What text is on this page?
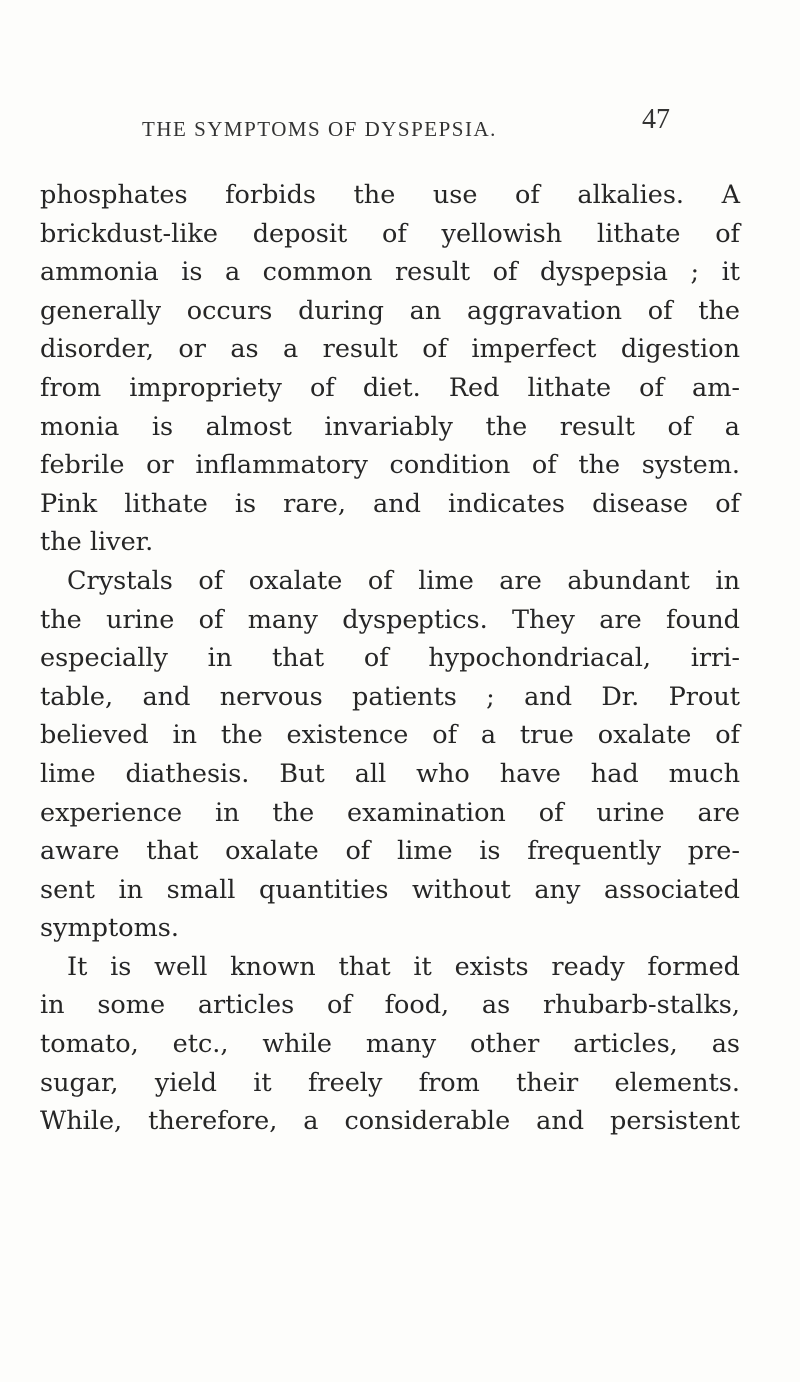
THE SYMPTOMS OF DYSPEPSIA.	47
phosphates forbids the use of alkalies. A
brickdust-like deposit of yellowish lithate of
ammonia is a common result of dyspepsia ; it
generally occurs during an aggravation of the
disorder, or as a result of imperfect digestion
from impropriety of diet. Red lithate of am-
monia is almost invariably the result of a
febrile or inflammatory condition of the system.
Pink lithate is rare, and indicates disease of
the liver.
Crystals of oxalate of lime are abundant in
the urine of many dyspeptics. They are found
especially in that of hypochondriacal, irri-
table, and nervous patients ; and Dr. Prout
believed in the existence of a true oxalate of
lime diathesis. But all who have had much
experience in the examination of urine are
aware that oxalate of lime is frequently pre-
sent in small quantities without any associated
symptoms.
It is well known that it exists ready formed
in some articles of food, as rhubarb-stalks,
tomato, etc., while many other articles, as
sugar, yield it freely from their elements.
While, therefore, a considerable and persistent
